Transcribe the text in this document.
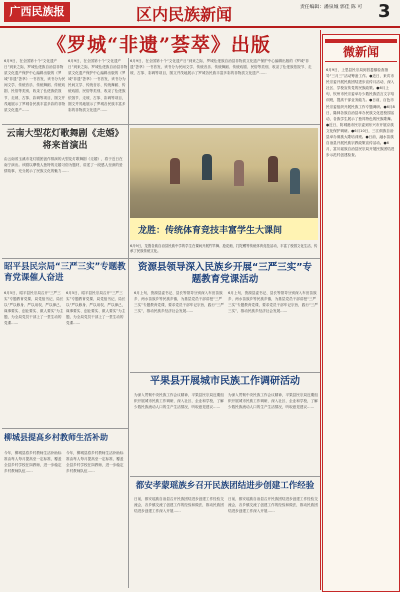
广西民族报	区内民族新闻	责任编辑：潘泉城 郭佳 陈 可 3
《罗城“非遗”荟萃》出版
6月9日，在全国第十个“文化遗产日”到来之际，罗城仫佬族自治县非物质文化遗产保护中心编辑出版的《罗城“非遗”荟萃》一书首发，该书分为民间文学、传统音乐、传统舞蹈、传统戏剧、民俗等类别，收录了仫佬族依饭节、走坡、古筝、彩调等项目，图文并茂地展示了罗城各民族丰富多彩的非物质文化遗产……
6月9日，在全国第十个“文化遗产日”到来之际，罗城仫佬族自治县非物质文化遗产保护中心编辑出版的《罗城“非遗”荟萃》一书首发，该书分为民间文学、传统音乐、传统舞蹈、传统戏剧、民俗等类别，收录了仫佬族依饭节、走坡、古筝、彩调等项目，图文并茂地展示了罗城各民族丰富多彩的非物质文化遗产……
6月9日，在全国第十个“文化遗产日”到来之际，罗城仫佬族自治县非物质文化遗产保护中心编辑出版的《罗城“非遗”荟萃》一书首发，该书分为民间文学、传统音乐、传统舞蹈、传统戏剧、民俗等类别，收录了仫佬族依饭节、走坡、古筝、彩调等项目，图文并茂地展示了罗城各民族丰富多彩的非物质文化遗产……
云南大型花灯歌舞剧《走婚》将来首演出
由云南省玉溪市花灯剧团创作排演的大型花灯歌舞剧《走婚》，将于近日在南宁演出。该剧以摩梭人独特的走婚习俗为题材，讲述了一段感人至深的爱情故事，充分展示了民族文化的魅力……
龙胜：传统体育竞技丰富学生大课间
6月9日，龙胜各族自治县民族中学的学生在课间开展竹竿舞、抢花炮、打陀螺等传统体育竞技活动，丰富了校园文化生活，传承了民族传统文化。
昭平县民宗局“三严三实”专题教育党课催人奋进
6月5日，昭平县民宗局召开“三严三实”专题教育党课，局党组书记、局长以“严以修身、严以用权、严以律己，谋事要实、创业要实、做人要实”为主题，为全局党员干部上了一堂生动的党课……
6月5日，昭平县民宗局召开“三严三实”专题教育党课，局党组书记、局长以“严以修身、严以用权、严以律己，谋事要实、创业要实、做人要实”为主题，为全局党员干部上了一堂生动的党课……
资源县领导深入民族乡开展“三严三实”专题教育党课活动
6月上旬，资源县委书记、县长等领导分别深入车田苗族乡、两水苗族乡等民族乡镇，为基层党员干部讲授“三严三实”专题教育党课，要求党员干部牢记宗旨，践行“三严三实”，推动民族乡经济社会发展……
6月上旬，资源县委书记、县长等领导分别深入车田苗族乡、两水苗族乡等民族乡镇，为基层党员干部讲授“三严三实”专题教育党课，要求党员干部牢记宗旨，践行“三严三实”，推动民族乡经济社会发展……
平果县开展城市民族工作调研活动
为深入贯彻中央民族工作会议精神，平果县民宗局近期组织开展城市民族工作调研，深入社区、企业和学校，了解少数民族流动人口的生产生活情况，听取意见建议……
为深入贯彻中央民族工作会议精神，平果县民宗局近期组织开展城市民族工作调研，深入社区、企业和学校，了解少数民族流动人口的生产生活情况，听取意见建议……
柳城县提高乡村教师生活补助
今年，柳城县将乡村教师生活补助标准由每人每月提高至一定标准，覆盖全县乡村学校在岗教师，进一步稳定乡村教师队伍……
今年，柳城县将乡村教师生活补助标准由每人每月提高至一定标准，覆盖全县乡村学校在岗教师，进一步稳定乡村教师队伍……
都安孝蒙瑶族乡召开民族团结进步创建工作经验
日前，都安瑶族自治县召开民族团结进步创建工作经验交流会，各乡镇交流了创建工作的经验和做法，推动民族团结进步创建工作深入开展……
日前，都安瑶族自治县召开民族团结进步创建工作经验交流会，各乡镇交流了创建工作的经验和做法，推动民族团结进步创建工作深入开展……
微新闻
6月9日，上思县民宗局到昌菱镇检查指导“三月三”活动筹备工作。●近日，来宾市民宗委开展民族团结进步宣传月活动，深入社区、学校宣传党的民族政策。●6月上旬，钦州市民宗委举办少数民族语言文字培训班，提高干部业务能力。●日前，百色市民宗委组织开展民族工作专题调研。●6月8日，隆林各族自治县举办民族文化进校园活动，各族学生展示了独具特色的民族歌舞。●近日，防城港市民宗委到东兴市开展京族文化保护调研。●6月10日，三江侗族自治县举办侗族大歌培训班。●日前，融水苗族自治县开展民族宗教政策宣传活动。●6月，富川瑶族自治县民宗局开展民族团结进步示范村创建检查。
